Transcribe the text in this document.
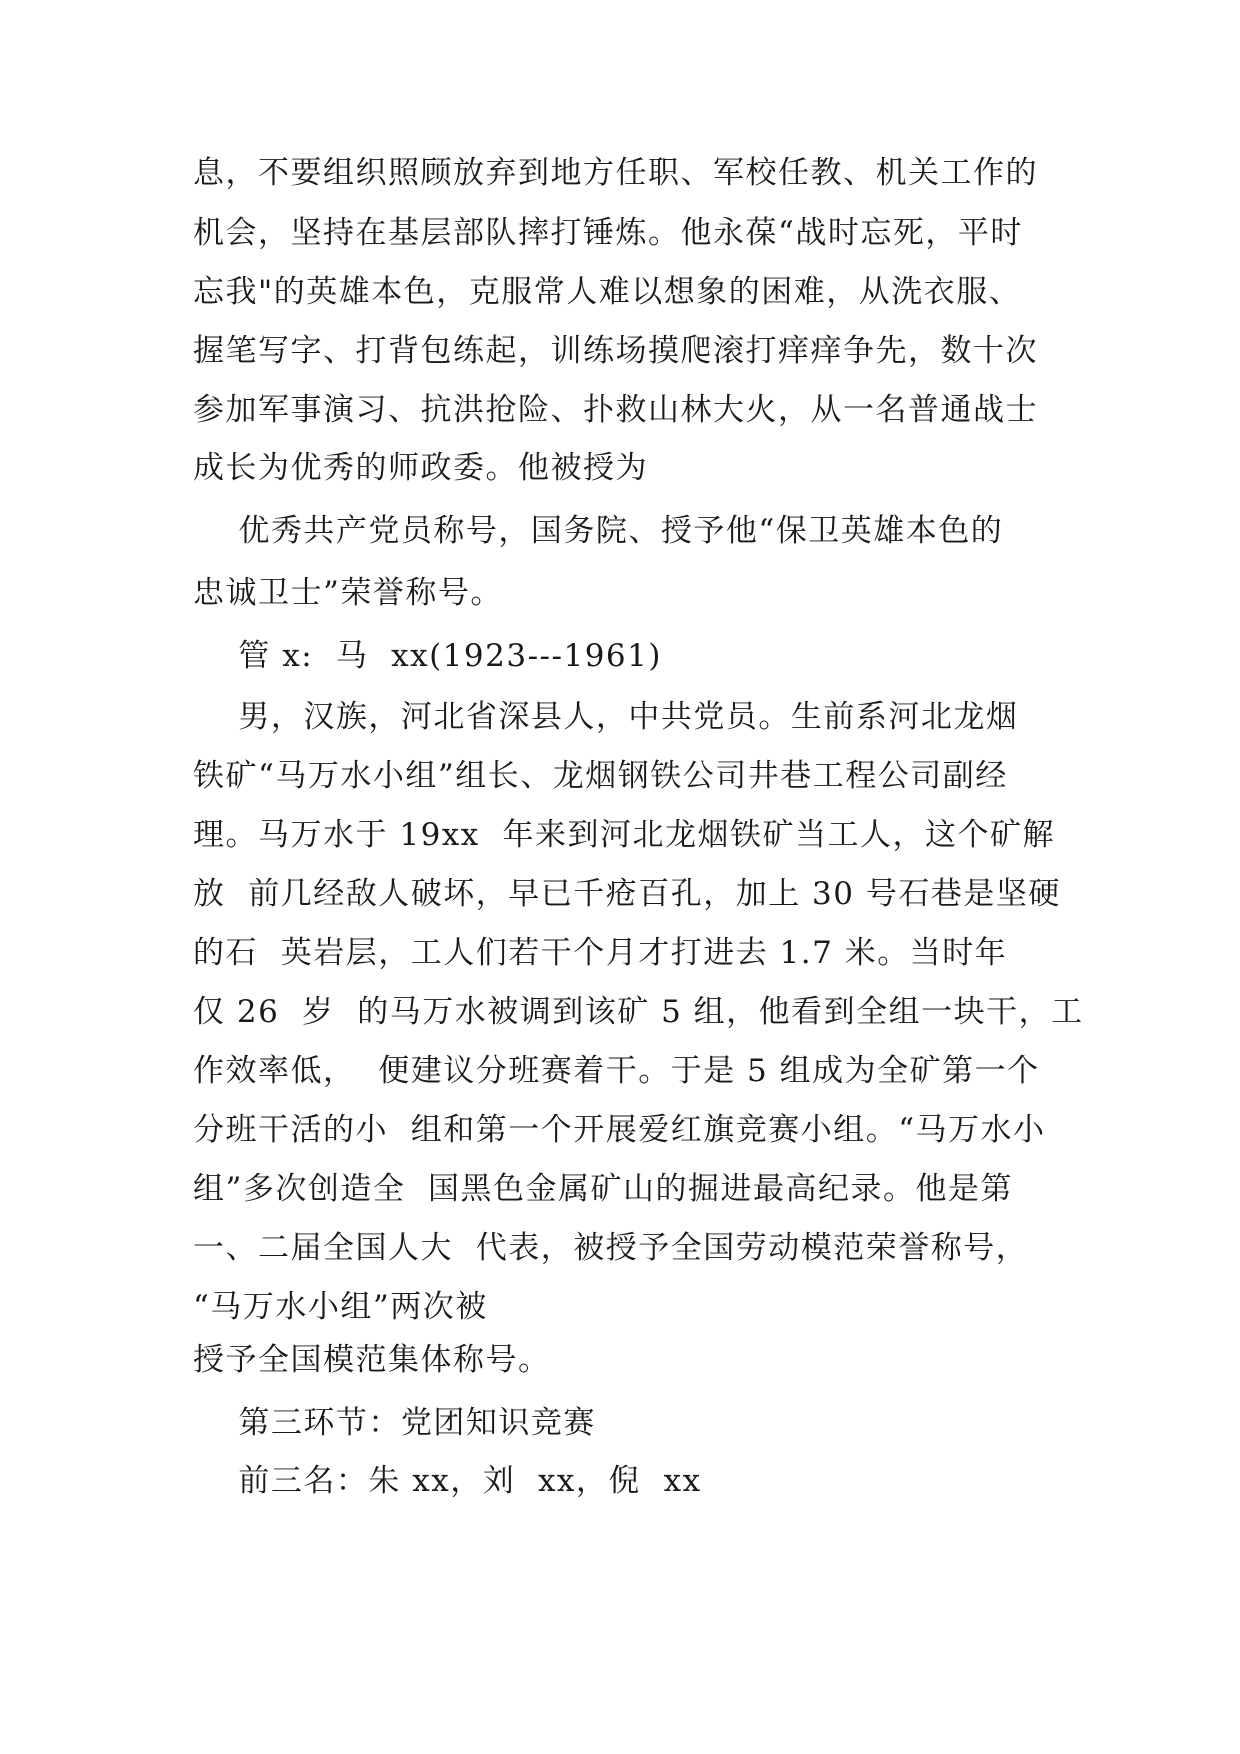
息，不要组织照顾放弃到地方任职、军校任教、机关工作的
机会，坚持在基层部队摔打锤炼。他永葆“战时忘死，平时
忘我"的英雄本色，克服常人难以想象的困难，从洗衣服、
握笔写字、打背包练起，训练场摸爬滚打痒痒争先，数十次
参加军事演习、抗洪抢险、扑救山林大火，从一名普通战士
成长为优秀的师政委。他被授为
优秀共产党员称号，国务院、授予他“保卫英雄本色的
忠诚卫士”荣誉称号。
管 x:  马  xx(1923---1961)
男，汉族，河北省深县人，中共党员。生前系河北龙烟
铁矿“马万水小组”组长、龙烟钢铁公司井巷工程公司副经
理。马万水于 19xx  年来到河北龙烟铁矿当工人，这个矿解
放  前几经敌人破坏，早已千疮百孔，加上 30 号石巷是坚硬
的石  英岩层，工人们若干个月才打进去 1.7 米。当时年
仅 26  岁  的马万水被调到该矿 5 组，他看到全组一块干，工
作效率低，  便建议分班赛着干。于是 5 组成为全矿第一个
分班干活的小  组和第一个开展爱红旗竞赛小组。“马万水小
组”多次创造全  国黑色金属矿山的掘进最高纪录。他是第
一、二届全国人大  代表，被授予全国劳动模范荣誉称号，
“马万水小组”两次被
授予全国模范集体称号。
第三环节：党团知识竞赛
前三名：朱 xx，刘  xx，倪  xx
